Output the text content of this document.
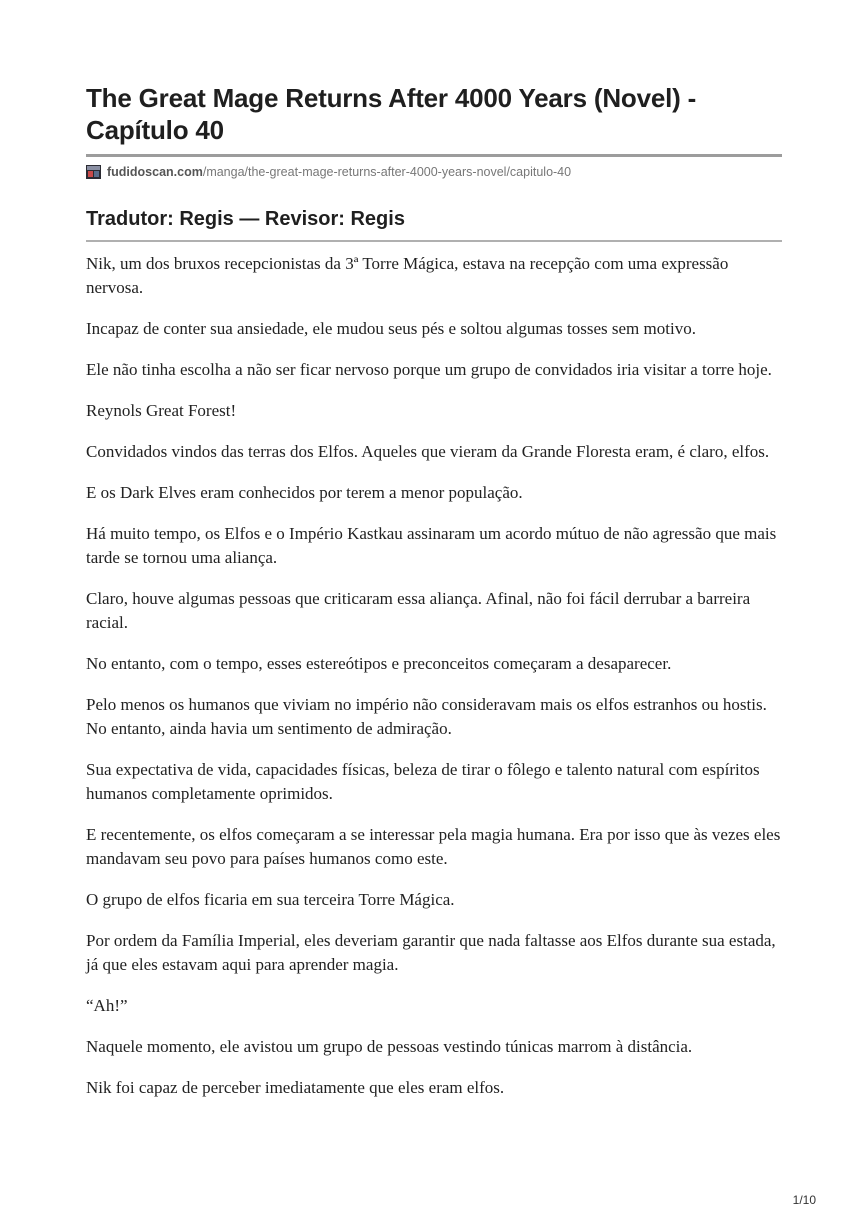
The Great Mage Returns After 4000 Years (Novel) - Capítulo 40
fudidoscan.com /manga/the-great-mage-returns-after-4000-years-novel/capitulo-40
Tradutor: Regis — Revisor: Regis

Nik, um dos bruxos recepcionistas da 3ª Torre Mágica, estava na recepção com uma expressão nervosa.

Incapaz de conter sua ansiedade, ele mudou seus pés e soltou algumas tosses sem motivo.

Ele não tinha escolha a não ser ficar nervoso porque um grupo de convidados iria visitar a torre hoje.

Reynols Great Forest!

Convidados vindos das terras dos Elfos. Aqueles que vieram da Grande Floresta eram, é claro, elfos.

E os Dark Elves eram conhecidos por terem a menor população.

Há muito tempo, os Elfos e o Império Kastkau assinaram um acordo mútuo de não agressão que mais tarde se tornou uma aliança.

Claro, houve algumas pessoas que criticaram essa aliança. Afinal, não foi fácil derrubar a barreira racial.

No entanto, com o tempo, esses estereótipos e preconceitos começaram a desaparecer.

Pelo menos os humanos que viviam no império não consideravam mais os elfos estranhos ou hostis. No entanto, ainda havia um sentimento de admiração.

Sua expectativa de vida, capacidades físicas, beleza de tirar o fôlego e talento natural com espíritos humanos completamente oprimidos.

E recentemente, os elfos começaram a se interessar pela magia humana. Era por isso que às vezes eles mandavam seu povo para países humanos como este.

O grupo de elfos ficaria em sua terceira Torre Mágica.

Por ordem da Família Imperial, eles deveriam garantir que nada faltasse aos Elfos durante sua estada, já que eles estavam aqui para aprender magia.

“Ah!”

Naquele momento, ele avistou um grupo de pessoas vestindo túnicas marrom à distância.

Nik foi capaz de perceber imediatamente que eles eram elfos.

1/10
